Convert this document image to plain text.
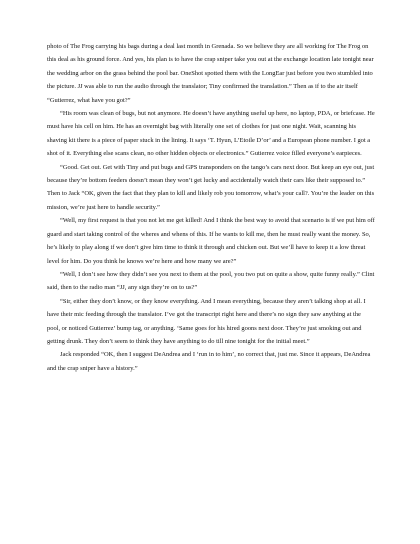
photo of The Frog carrying his bags during a deal last month in Grenada. So we believe they are all working for The Frog on this deal as his ground force. And yes, his plan is to have the crap sniper take you out at the exchange location late tonight near the wedding arbor on the grass behind the pool bar. OneShot spotted them with the LongEar just before you two stumbled into the picture. JJ was able to run the audio through the translator; Tiny confirmed the translation.” Then as if to the air itself “Gutierrez, what have you got?”

“His room was clean of bugs, but not anymore. He doesn’t have anything useful up here, no laptop, PDA, or briefcase. He must have his cell on him. He has an overnight bag with literally one set of clothes for just one night. Wait, scanning his shaving kit there is a piece of paper stuck in the lining. It says ‘T. Hyun, L’Etoile D’or’ and a European phone number. I got a shot of it. Everything else scans clean, no other hidden objects or electronics.” Gutierrez voice filled everyone’s earpieces.

“Good. Get out. Get with Tiny and put bugs and GPS transponders on the tango’s cars next door. But keep an eye out, just because they’re bottom feeders doesn’t mean they won’t get lucky and accidentally watch their cars like their supposed to.” Then to Jack “OK, given the fact that they plan to kill and likely rob you tomorrow, what’s your call?. You’re the leader on this mission, we’re just here to handle security.”

“Well, my first request is that you not let me get killed! And I think the best way to avoid that scenario is if we put him off guard and start taking control of the wheres and whens of this. If he wants to kill me, then he must really want the money. So, he’s likely to play along if we don’t give him time to think it through and chicken out. But we’ll have to keep it a low threat level for him. Do you think he knows we’re here and how many we are?”

“Well, I don’t see how they didn’t see you next to them at the pool, you two put on quite a show, quite funny really.” Clint said, then to the radio man “JJ, any sign they’re on to us?”

“Sir, either they don’t know, or they know everything. And I mean everything, because they aren’t talking shop at all. I have their mic feeding through the translator. I’ve got the transcript right here and there’s no sign they saw anything at the pool, or noticed Gutierrez’ bump tag, or anything. ‘Same goes for his hired goons next door. They’re just smoking out and getting drunk. They don’t seem to think they have anything to do till nine tonight for the initial meet.”

Jack responded “OK, then I suggest DeAndrea and I ‘run in to him’, no correct that, just me. Since it appears, DeAndrea and the crap sniper have a history.”
